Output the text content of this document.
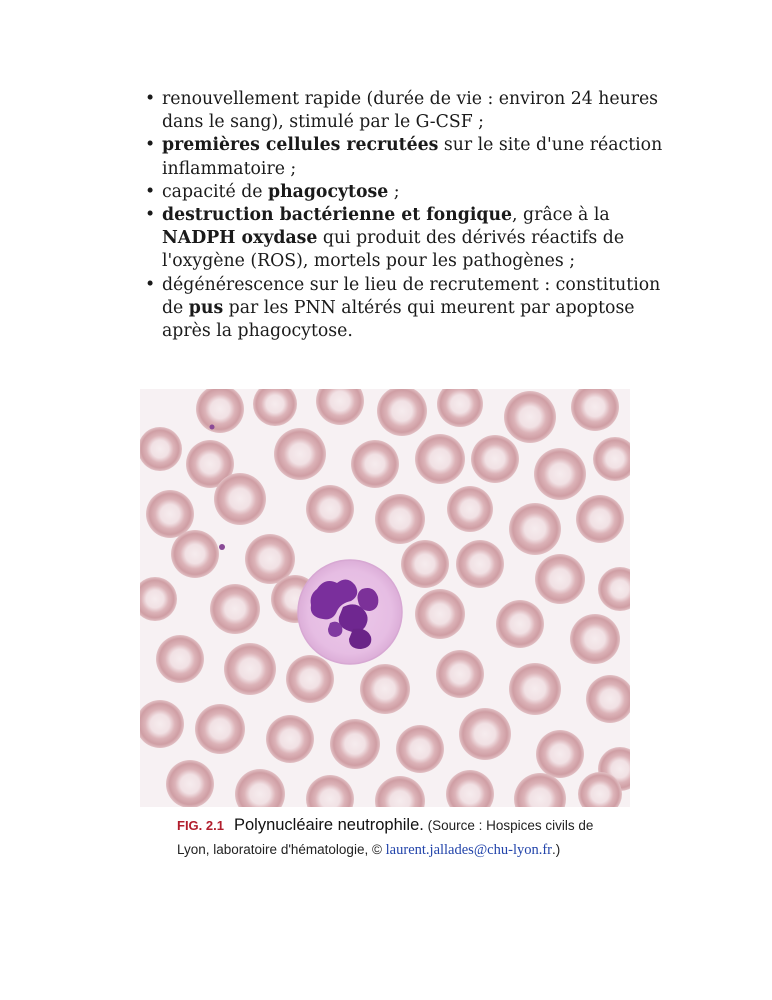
• renouvellement rapide (durée de vie : environ 24 heures dans le sang), stimulé par le G-CSF ;
• premières cellules recrutées sur le site d'une réaction inflammatoire ;
• capacité de phagocytose ;
• destruction bactérienne et fongique, grâce à la NADPH oxydase qui produit des dérivés réactifs de l'oxygène (ROS), mortels pour les pathogènes ;
• dégénérescence sur le lieu de recrutement : constitution de pus par les PNN altérés qui meurent par apoptose après la phagocytose.
FIG. 2.1 Polynucléaire neutrophile. (Source : Hospices civils de Lyon, laboratoire d'hématologie, © laurent.jallades@chu-lyon.fr.)
